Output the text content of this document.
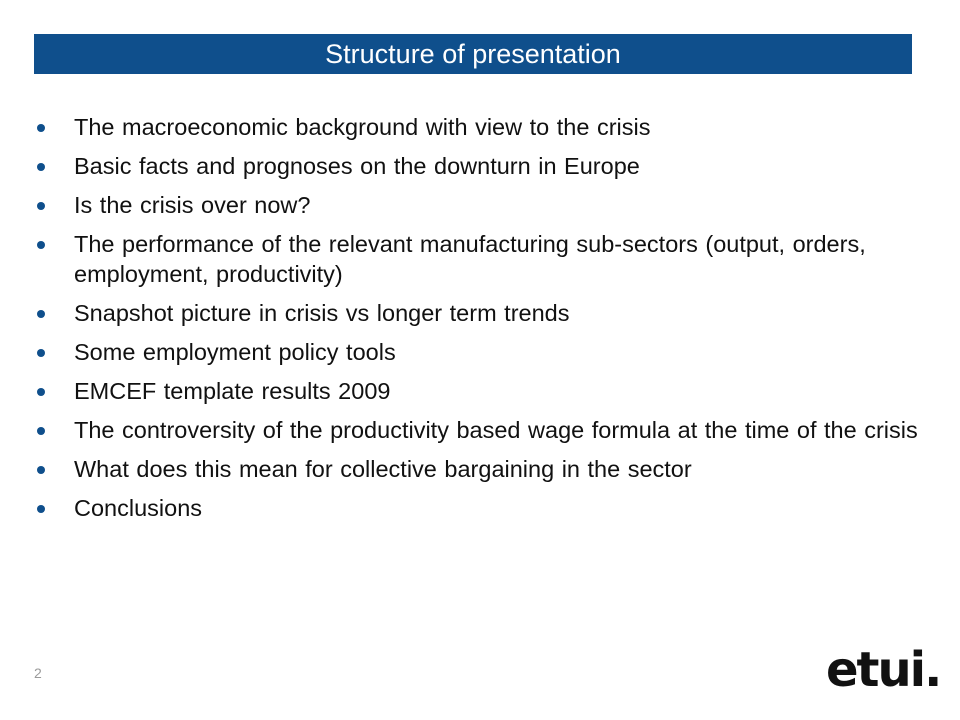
Structure of presentation
The macroeconomic background with view to the crisis
Basic facts and prognoses on the downturn in Europe
Is the crisis over now?
The performance of the relevant manufacturing sub-sectors (output, orders, employment, productivity)
Snapshot picture in crisis vs longer term trends
Some employment policy tools
EMCEF template results 2009
The controversity of the productivity based wage formula at the time of the crisis
What does this mean for collective bargaining in the sector
Conclusions
2	etui.
